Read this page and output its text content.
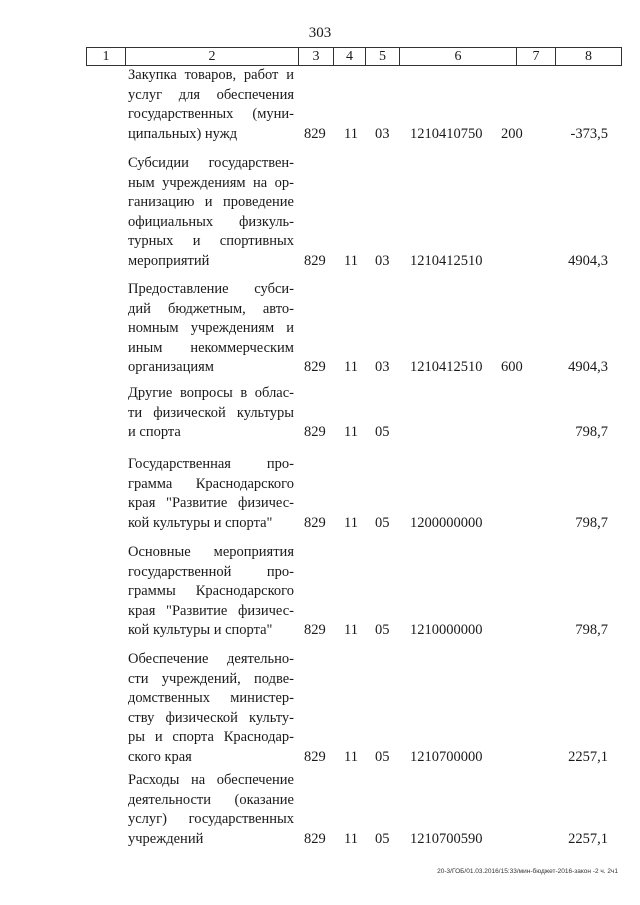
303
1	2	3	4	5	6	7	8
Закупка товаров, работ и
услуг для обеспечения
государственных (муни-
ципальных) нужд	829 11 03 1210410750 200	-373,5
Субсидии государствен-
ным учреждениям на ор-
ганизацию и проведение
официальных физкуль-
турных и спортивных
мероприятий	829 11 03 1210412510	4904,3
Предоставление субси-
дий бюджетным, авто-
номным учреждениям и
иным некоммерческим
организациям	829 11 03 1210412510 600	4904,3
Другие вопросы в облас-
ти физической культуры
и спорта	829 11 05	798,7
Государственная про-
грамма Краснодарского
края "Развитие физичес-
кой культуры и спорта"	829 11 05 1200000000	798,7
Основные мероприятия
государственной про-
граммы Краснодарского
края "Развитие физичес-
кой культуры и спорта"	829 11 05 1210000000	798,7
Обеспечение деятельно-
сти учреждений, подве-
домственных министер-
ству физической культу-
ры и спорта Краснодар-
ского края	829 11 05 1210700000	2257,1
Расходы на обеспечение
деятельности (оказание
услуг) государственных
учреждений	829 11 05 1210700590	2257,1
20-3/ГОБ/01.03.2016/15:33/мин-бюджет-2016-закон -2 ч. 2ч1
